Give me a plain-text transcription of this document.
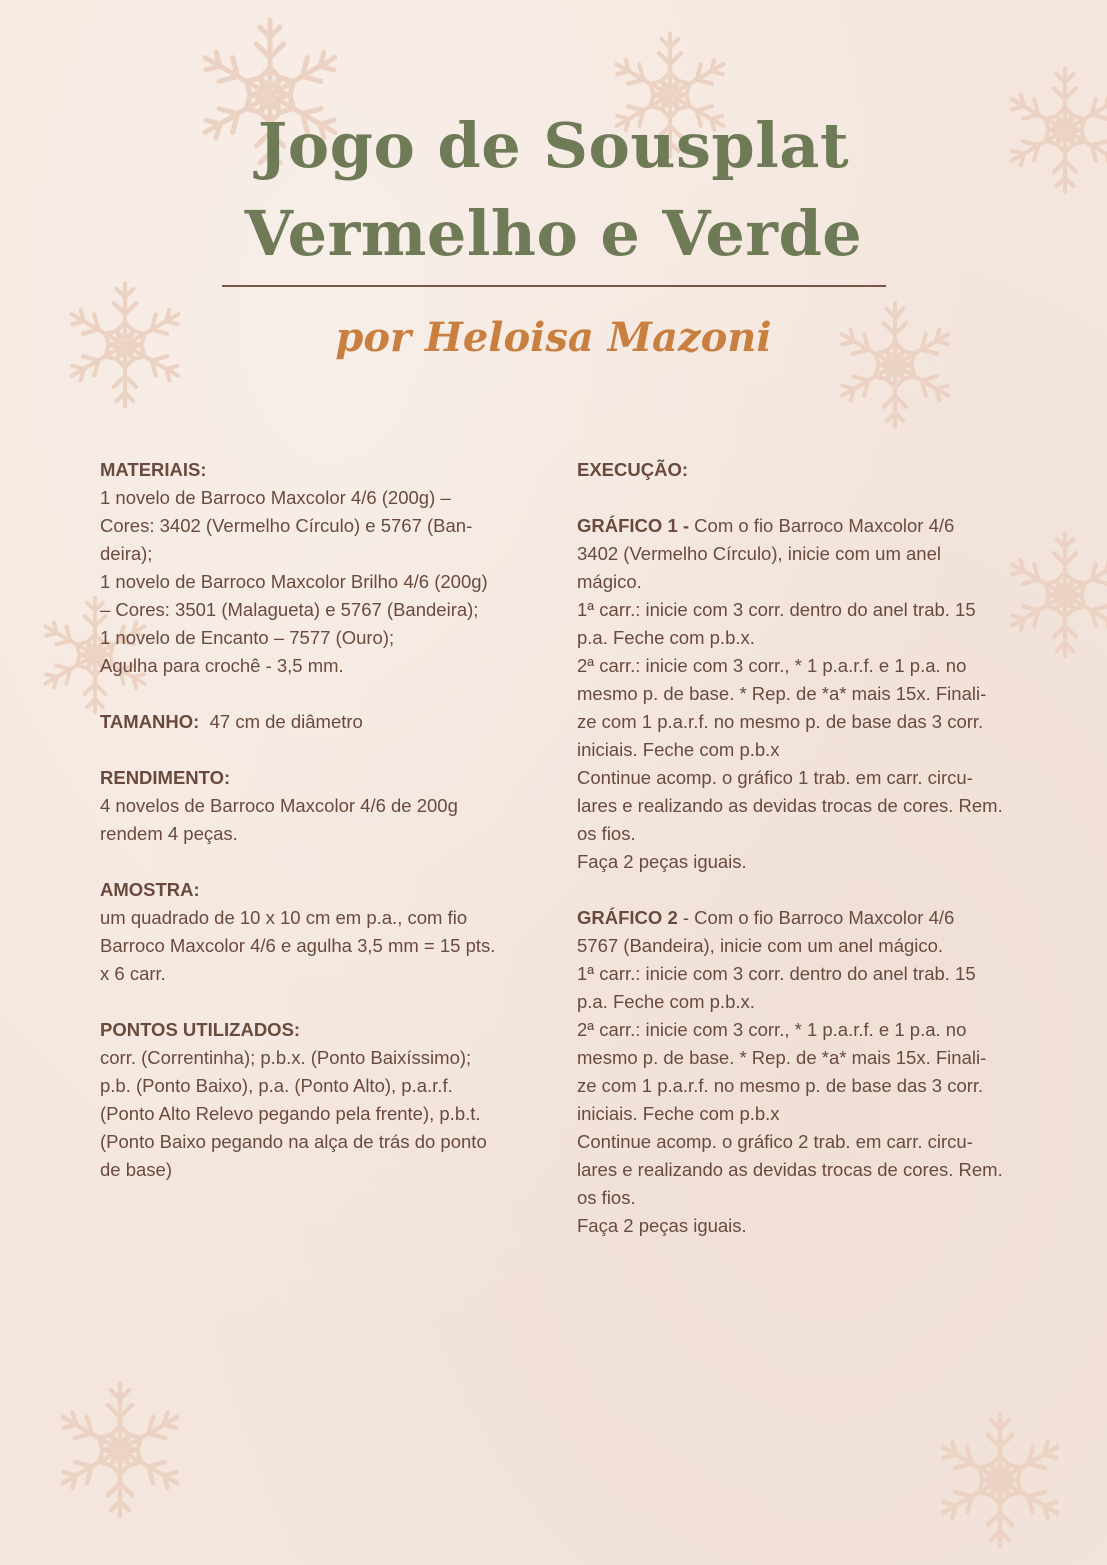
Jogo de Sousplat
Vermelho e Verde
por Heloisa Mazoni
MATERIAIS:
1 novelo de Barroco Maxcolor 4/6 (200g) –
Cores: 3402 (Vermelho Círculo) e 5767 (Ban-
deira);
1 novelo de Barroco Maxcolor Brilho 4/6 (200g)
– Cores: 3501 (Malagueta) e 5767 (Bandeira);
1 novelo de Encanto – 7577 (Ouro);
Agulha para crochê - 3,5 mm.
TAMANHO: 47 cm de diâmetro
RENDIMENTO:
4 novelos de Barroco Maxcolor 4/6 de 200g
rendem 4 peças.
AMOSTRA:
um quadrado de 10 x 10 cm em p.a., com fio
Barroco Maxcolor 4/6 e agulha 3,5 mm = 15 pts.
x 6 carr.
PONTOS UTILIZADOS:
corr. (Correntinha); p.b.x. (Ponto Baixíssimo);
p.b. (Ponto Baixo), p.a. (Ponto Alto), p.a.r.f.
(Ponto Alto Relevo pegando pela frente), p.b.t.
(Ponto Baixo pegando na alça de trás do ponto
de base)
EXECUÇÃO:
GRÁFICO 1 - Com o fio Barroco Maxcolor 4/6
3402 (Vermelho Círculo), inicie com um anel
mágico.
1ª carr.: inicie com 3 corr. dentro do anel trab. 15
p.a. Feche com p.b.x.
2ª carr.: inicie com 3 corr., * 1 p.a.r.f. e 1 p.a. no
mesmo p. de base. * Rep. de *a* mais 15x. Finali-
ze com 1 p.a.r.f. no mesmo p. de base das 3 corr.
iniciais. Feche com p.b.x
Continue acomp. o gráfico 1 trab. em carr. circu-
lares e realizando as devidas trocas de cores. Rem.
os fios.
Faça 2 peças iguais.
GRÁFICO 2 - Com o fio Barroco Maxcolor 4/6
5767 (Bandeira), inicie com um anel mágico.
1ª carr.: inicie com 3 corr. dentro do anel trab. 15
p.a. Feche com p.b.x.
2ª carr.: inicie com 3 corr., * 1 p.a.r.f. e 1 p.a. no
mesmo p. de base. * Rep. de *a* mais 15x. Finali-
ze com 1 p.a.r.f. no mesmo p. de base das 3 corr.
iniciais. Feche com p.b.x
Continue acomp. o gráfico 2 trab. em carr. circu-
lares e realizando as devidas trocas de cores. Rem.
os fios.
Faça 2 peças iguais.
